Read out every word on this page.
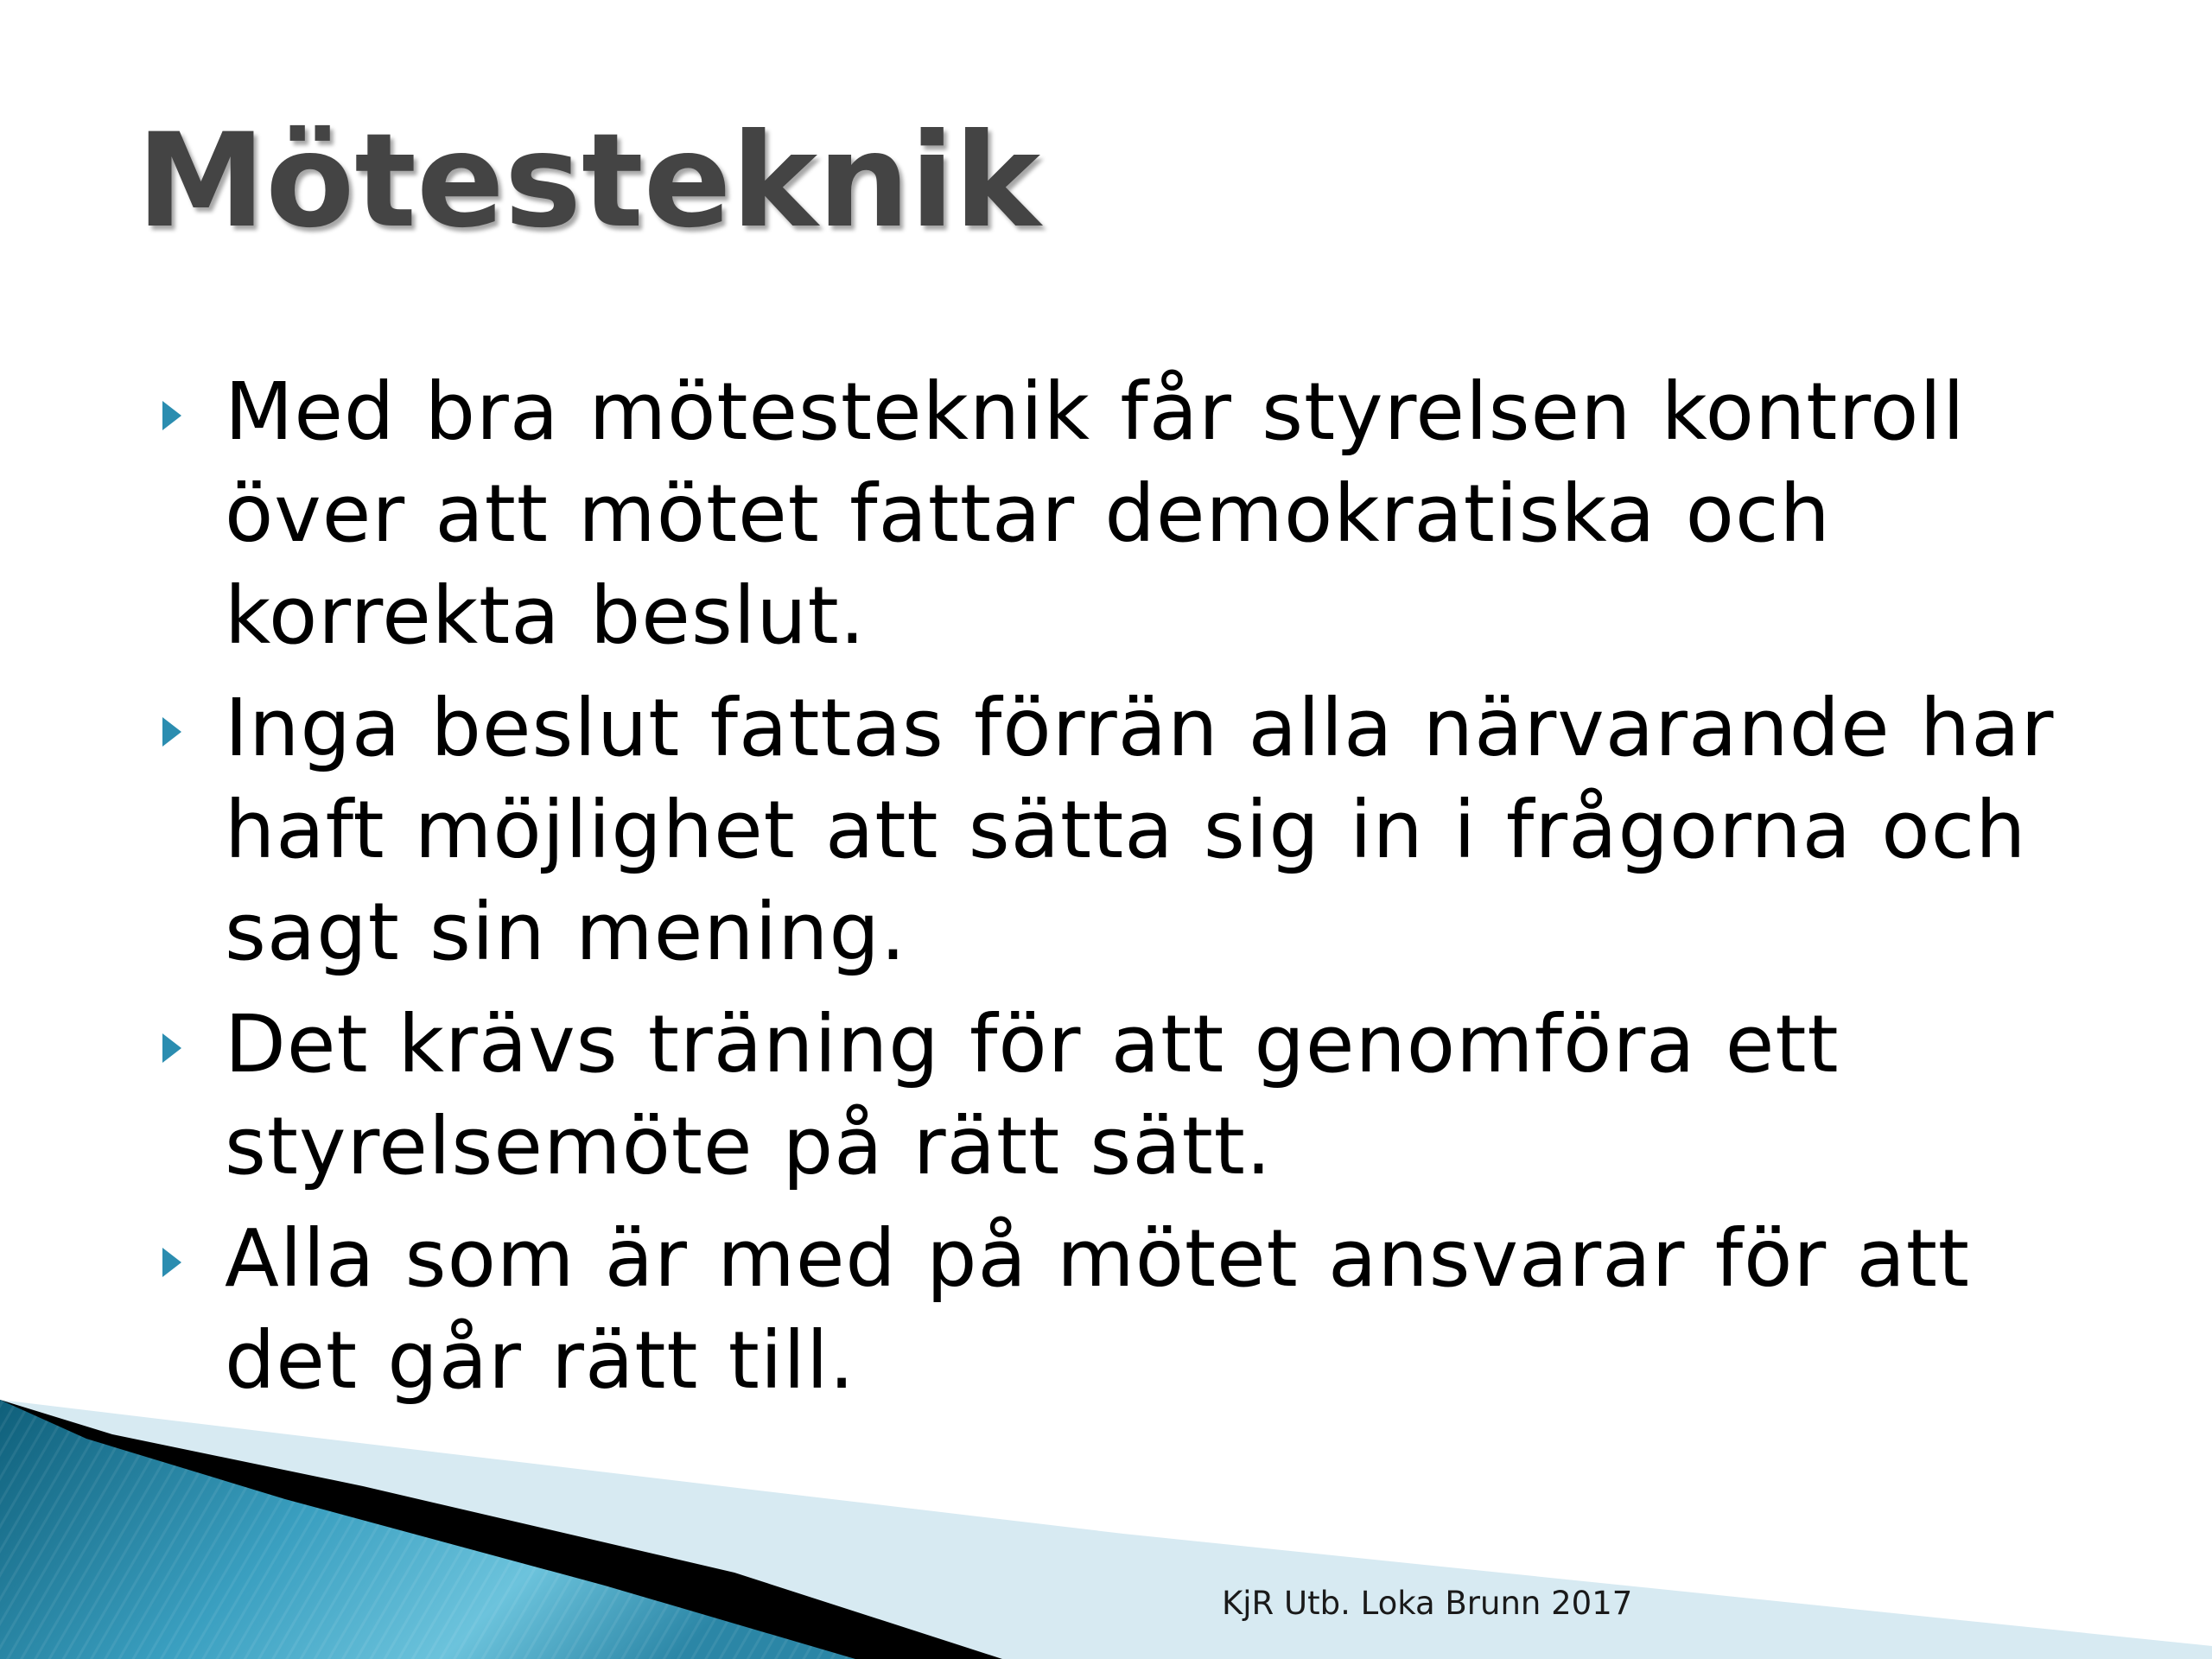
Mötesteknik
Med bra mötesteknik får styrelsen kontroll över att mötet fattar demokratiska och korrekta beslut.
Inga beslut fattas förrän alla närvarande har haft möjlighet att sätta sig in i frågorna och sagt sin mening.
Det krävs träning för att genomföra ett styrelsemöte på rätt sätt.
Alla som är med på mötet ansvarar för att det går rätt till.
KjR Utb. Loka Brunn 2017
